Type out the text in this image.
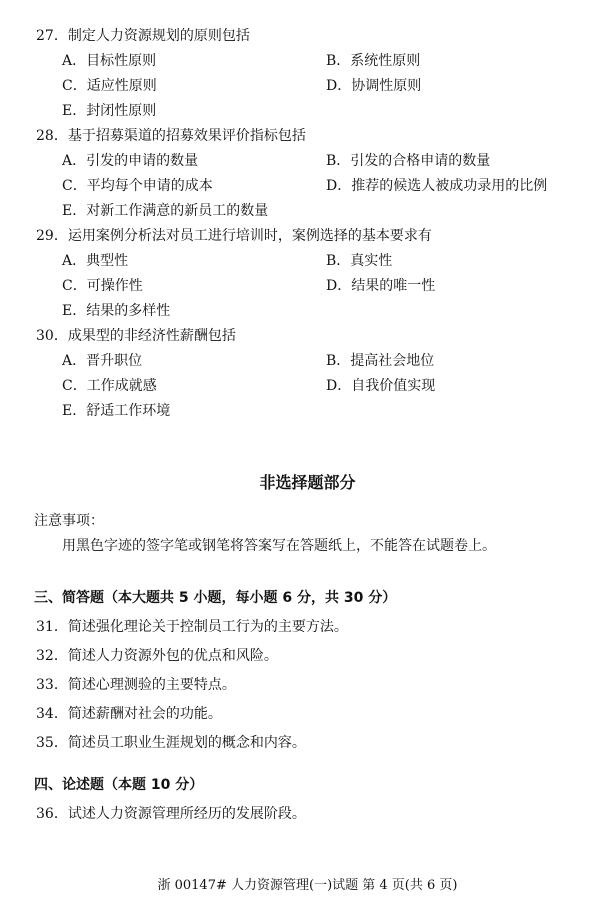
27．制定人力资源规划的原则包括
A．目标性原则	B．系统性原则
C．适应性原则	D．协调性原则
E．封闭性原则
28．基于招募渠道的招募效果评价指标包括
A．引发的申请的数量	B．引发的合格申请的数量
C．平均每个申请的成本	D．推荐的候选人被成功录用的比例
E．对新工作满意的新员工的数量
29．运用案例分析法对员工进行培训时，案例选择的基本要求有
A．典型性	B．真实性
C．可操作性	D．结果的唯一性
E．结果的多样性
30．成果型的非经济性薪酬包括
A．晋升职位	B．提高社会地位
C．工作成就感	D．自我价值实现
E．舒适工作环境
非选择题部分
注意事项：
用黑色字迹的签字笔或钢笔将答案写在答题纸上，不能答在试题卷上。
三、简答题（本大题共 5 小题，每小题 6 分，共 30 分）
31．简述强化理论关于控制员工行为的主要方法。
32．简述人力资源外包的优点和风险。
33．简述心理测验的主要特点。
34．简述薪酬对社会的功能。
35．简述员工职业生涯规划的概念和内容。
四、论述题（本题 10 分）
36．试述人力资源管理所经历的发展阶段。
浙 00147# 人力资源管理(一)试题 第 4 页(共 6 页)
